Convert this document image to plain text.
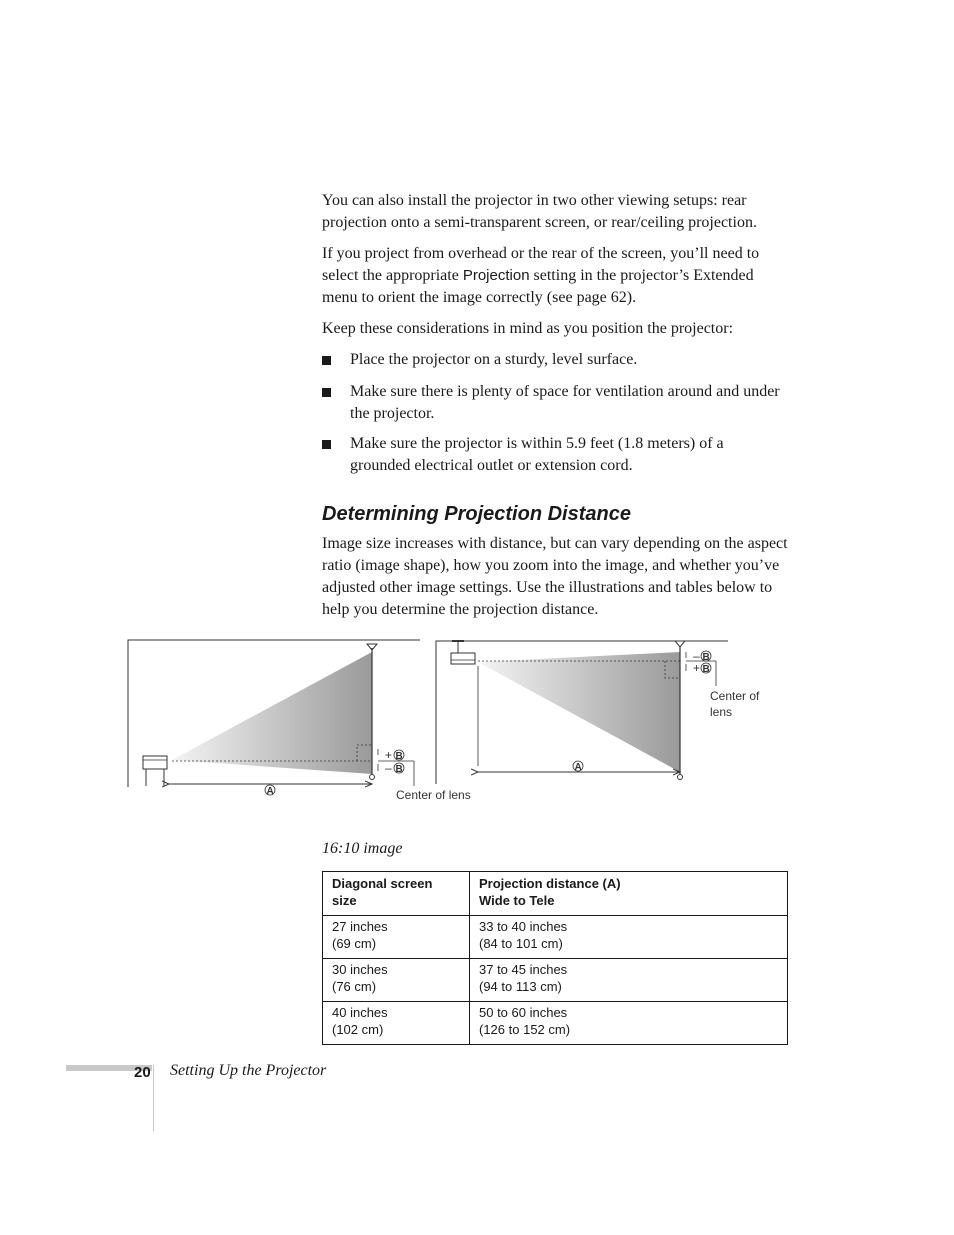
You can also install the projector in two other viewing setups: rear projection onto a semi-transparent screen, or rear/ceiling projection.

If you project from overhead or the rear of the screen, you’ll need to select the appropriate Projection setting in the projector’s Extended menu to orient the image correctly (see page 62).

Keep these considerations in mind as you position the projector:

Place the projector on a sturdy, level surface.
Make sure there is plenty of space for ventilation around and under the projector.
Make sure the projector is within 5.9 feet (1.8 meters) of a grounded electrical outlet or extension cord.
Determining Projection Distance

Image size increases with distance, but can vary depending on the aspect ratio (image shape), how you zoom into the image, and whether you’ve adjusted other image settings. Use the illustrations and tables below to help you determine the projection distance.

+ B
– B
A	Center of lens
– B
+ B
A
Center of
lens
16:10 image
Diagonal screen
size	Projection distance (A)
Wide to Tele
27 inches
(69 cm)	33 to 40 inches
(84 to 101 cm)
30 inches
(76 cm)	37 to 45 inches
(94 to 113 cm)
40 inches
(102 cm)	50 to 60 inches
(126 to 152 cm)
20 Setting Up the Projector
